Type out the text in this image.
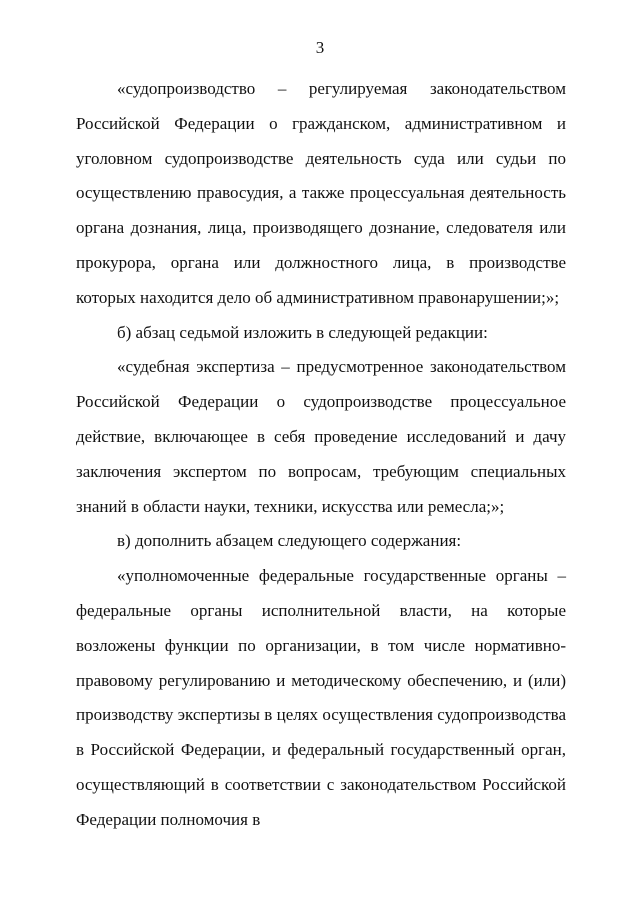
3

«судопроизводство – регулируемая законодательством Российской Федерации о гражданском, административном и уголовном судопроизводстве деятельность суда или судьи по осуществлению правосудия, а также процессуальная деятельность органа дознания, лица, производящего дознание, следователя или прокурора, органа или должностного лица, в производстве которых находится дело об административном правонарушении;»;

б) абзац седьмой изложить в следующей редакции:

«судебная экспертиза – предусмотренное законодательством Российской Федерации о судопроизводстве процессуальное действие, включающее в себя проведение исследований и дачу заключения экспертом по вопросам, требующим специальных знаний в области науки, техники, искусства или ремесла;»;

в) дополнить абзацем следующего содержания:

«уполномоченные федеральные государственные органы – федеральные органы исполнительной власти, на которые возложены функции по организации, в том числе нормативно-правовому регулированию и методическому обеспечению, и (или) производству экспертизы в целях осуществления судопроизводства в Российской Федерации, и федеральный государственный орган, осуществляющий в соответствии с законодательством Российской Федерации полномочия в
